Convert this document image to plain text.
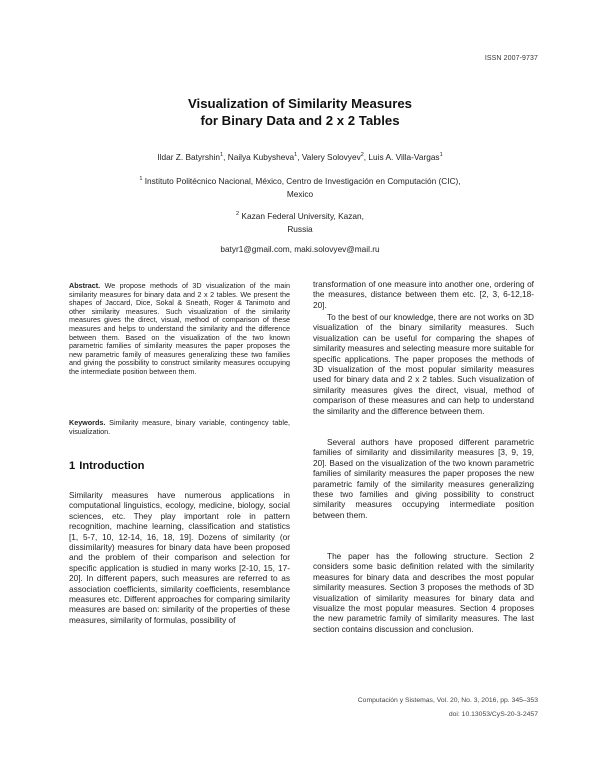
ISSN 2007-9737
Visualization of Similarity Measures
for Binary Data and 2 x 2 Tables
Ildar Z. Batyrshin$^1$, Nailya Kubysheva$^1$, Valery Solovyev$^2$, Luis A. Villa-Vargas$^1$
$^1$ Instituto Politécnico Nacional, México, Centro de Investigación en Computación (CIC),
Mexico
$^2$ Kazan Federal University, Kazan,
Russia
batyr1@gmail.com, maki.solovyev@mail.ru
Abstract. We propose methods of 3D visualization of the main similarity measures for binary data and 2 x 2 tables. We present the shapes of Jaccard, Dice, Sokal & Sneath, Roger & Tanimoto and other similarity measures. Such visualization of the similarity measures gives the direct, visual, method of comparison of these measures and helps to understand the similarity and the difference between them. Based on the visualization of the two known parametric families of similarity measures the paper proposes the new parametric family of measures generalizing these two families and giving the possibility to construct similarity measures occupying the intermediate position between them.
Keywords. Similarity measure, binary variable, contingency table, visualization.
1 Introduction

Similarity measures have numerous applications in computational linguistics, ecology, medicine, biology, social sciences, etc. They play important role in pattern recognition, machine learning, classification and statistics [1, 5-7, 10, 12-14, 16, 18, 19]. Dozens of similarity (or dissimilarity) measures for binary data have been proposed and the problem of their comparison and selection for specific application is studied in many works [2-10, 15, 17-20]. In different papers, such measures are referred to as association coefficients, similarity coefficients, resemblance measures etc. Different approaches for comparing similarity measures are based on: similarity of the properties of these measures, similarity of formulas, possibility of

transformation of one measure into another one, ordering of the measures, distance between them etc. [2, 3, 6-12,18-20].

To the best of our knowledge, there are not works on 3D visualization of the binary similarity measures. Such visualization can be useful for comparing the shapes of similarity measures and selecting measure more suitable for specific applications. The paper proposes the methods of 3D visualization of the most popular similarity measures used for binary data and 2 x 2 tables. Such visualization of similarity measures gives the direct, visual, method of comparison of these measures and can help to understand the similarity and the difference between them.

Several authors have proposed different parametric families of similarity and dissimilarity measures [3, 9, 19, 20]. Based on the visualization of the two known parametric families of similarity measures the paper proposes the new parametric family of the similarity measures generalizing these two families and giving possibility to construct similarity measures occupying intermediate position between them.

The paper has the following structure. Section 2 considers some basic definition related with the similarity measures for binary data and describes the most popular similarity measures. Section 3 proposes the methods of 3D visualization of similarity measures for binary data and visualize the most popular measures. Section 4 proposes the new parametric family of similarity measures. The last section contains discussion and conclusion.

Computación y Sistemas, Vol. 20, No. 3, 2016, pp. 345–353
doi: 10.13053/CyS-20-3-2457
